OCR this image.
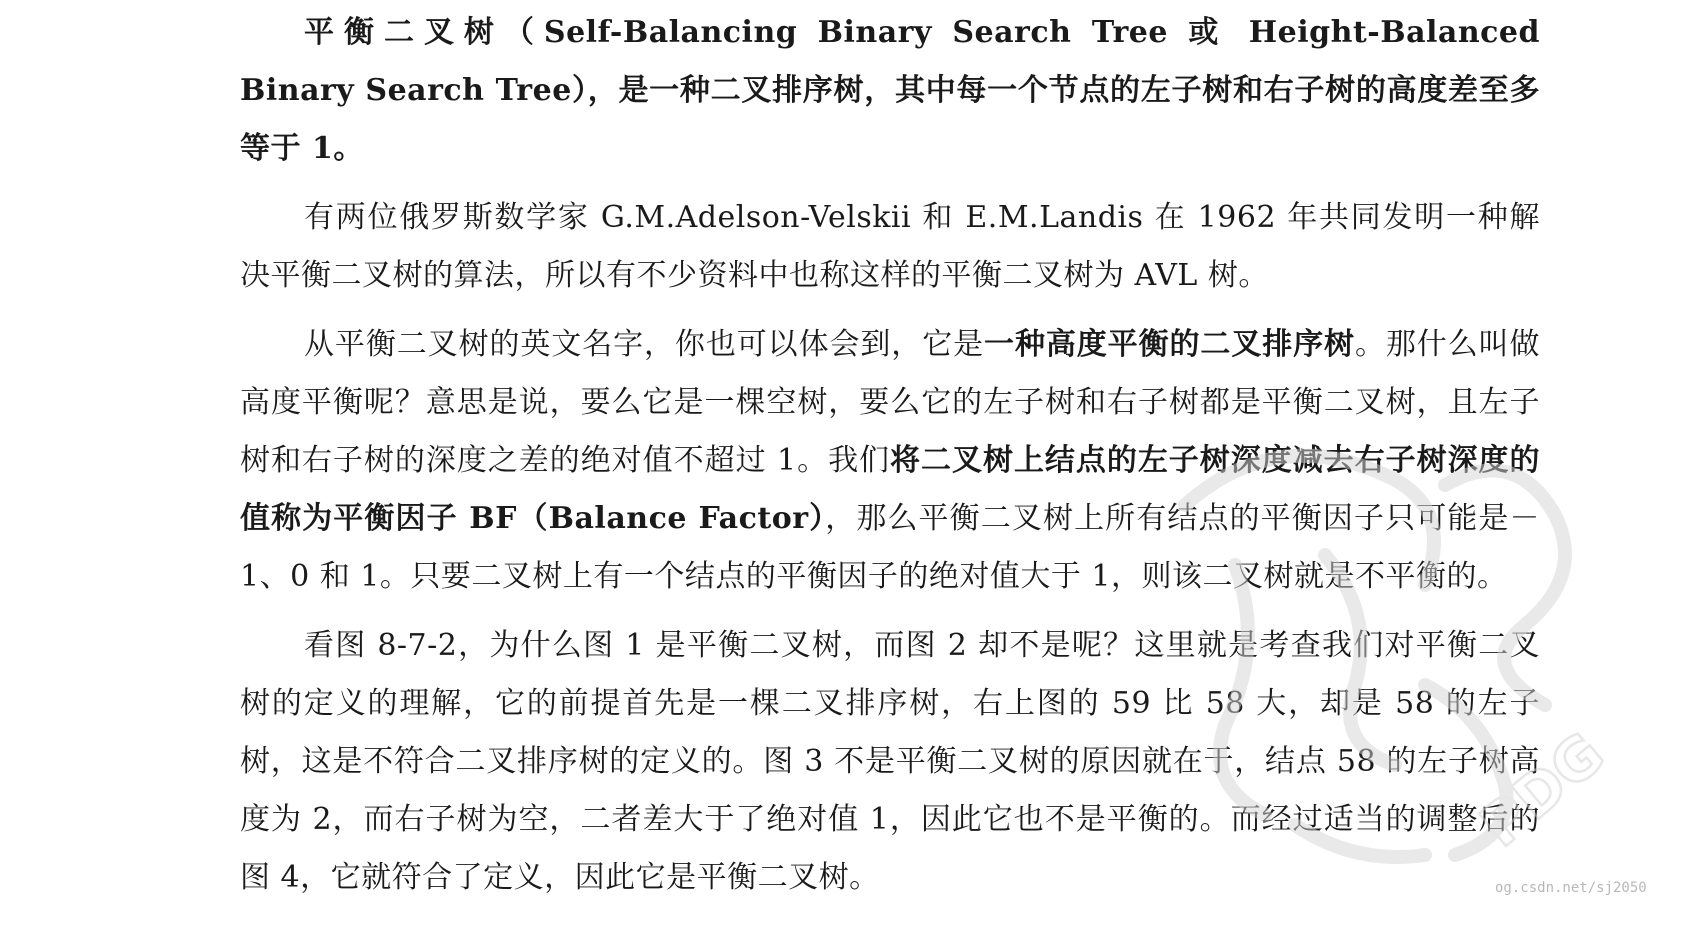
平衡二叉树（Self-Balancing Binary Search Tree 或 Height-Balanced Binary Search Tree），是一种二叉排序树，其中每一个节点的左子树和右子树的高度差至多等于 1。

有两位俄罗斯数学家 G.M.Adelson-Velskii 和 E.M.Landis 在 1962 年共同发明一种解决平衡二叉树的算法，所以有不少资料中也称这样的平衡二叉树为 AVL 树。

从平衡二叉树的英文名字，你也可以体会到，它是一种高度平衡的二叉排序树。那什么叫做高度平衡呢？意思是说，要么它是一棵空树，要么它的左子树和右子树都是平衡二叉树，且左子树和右子树的深度之差的绝对值不超过 1。我们将二叉树上结点的左子树深度减去右子树深度的值称为平衡因子 BF（Balance Factor），那么平衡二叉树上所有结点的平衡因子只可能是－1、0 和 1。只要二叉树上有一个结点的平衡因子的绝对值大于 1，则该二叉树就是不平衡的。

看图 8-7-2，为什么图 1 是平衡二叉树，而图 2 却不是呢？这里就是考查我们对平衡二叉树的定义的理解，它的前提首先是一棵二叉排序树，右上图的 59 比 58 大，却是 58 的左子树，这是不符合二叉排序树的定义的。图 3 不是平衡二叉树的原因就在于，结点 58 的左子树高度为 2，而右子树为空，二者差大于了绝对值 1，因此它也不是平衡的。而经过适当的调整后的图 4，它就符合了定义，因此它是平衡二叉树。

PDG
og.csdn.net/sj2050
